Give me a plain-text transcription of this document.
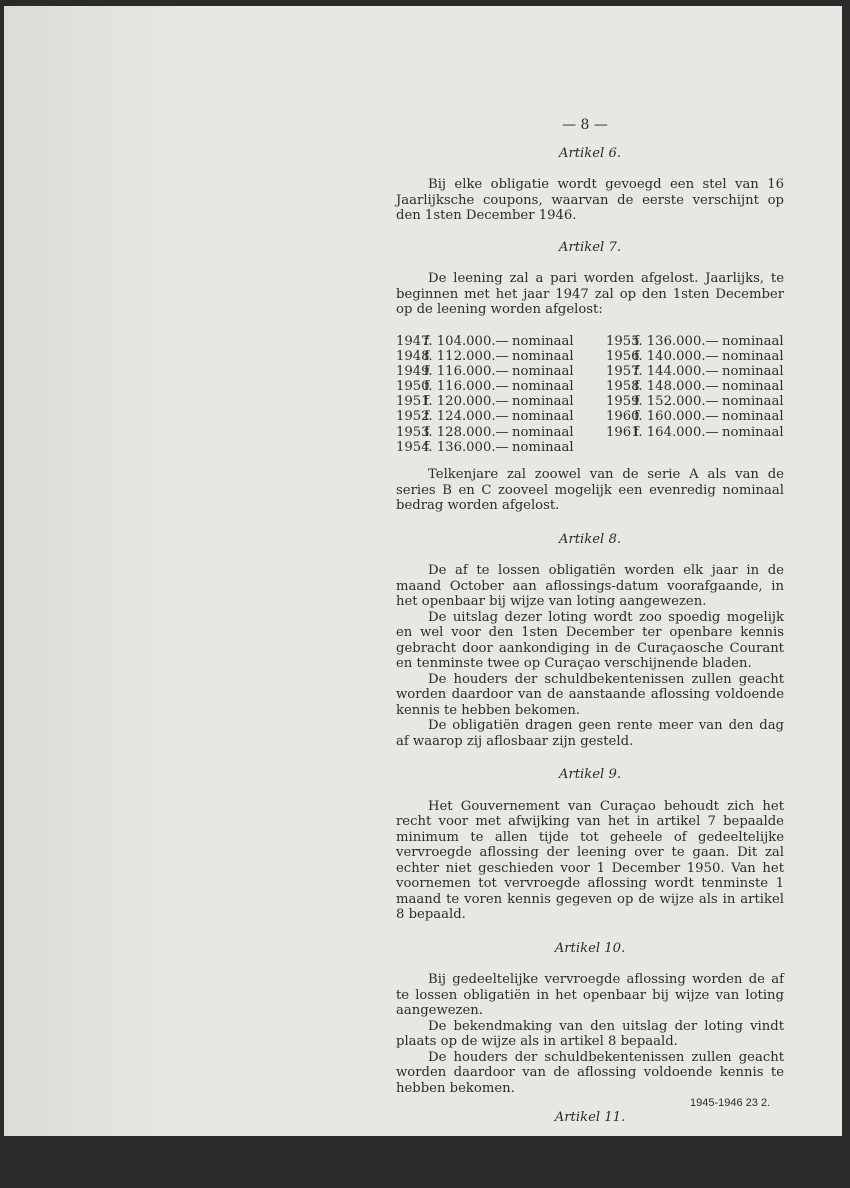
— 8 —
Artikel 6.

Bij elke obligatie wordt gevoegd een stel van 16 Jaarlijksche coupons, waarvan de eerste verschijnt op den 1sten December 1946.

Artikel 7.

De leening zal a pari worden afgelost. Jaarlijks, te beginnen met het jaar 1947 zal op den 1sten December op de leening worden afgelost:

1947
f. 104.000.— nominaal
1948
f. 112.000.— nominaal
1949
f. 116.000.— nominaal
1950
f. 116.000.— nominaal
1951
f. 120.000.— nominaal
1952
f. 124.000.— nominaal
1953
f. 128.000.— nominaal
1954
f. 136.000.— nominaal
1955
f. 136.000.— nominaal
1956
f. 140.000.— nominaal
1957
f. 144.000.— nominaal
1958
f. 148.000.— nominaal
1959
f. 152.000.— nominaal
1960
f. 160.000.— nominaal
1961
f. 164.000.— nominaal

Telkenjare zal zoowel van de serie A als van de series B en C zooveel mogelijk een evenredig nominaal bedrag worden afgelost.

Artikel 8.

De af te lossen obligatiën worden elk jaar in de maand October aan aflossings-datum voorafgaande, in het openbaar bij wijze van loting aangewezen.

De uitslag dezer loting wordt zoo spoedig mogelijk en wel voor den 1sten December ter openbare kennis gebracht door aankondiging in de Curaçaosche Courant en tenminste twee op Curaçao verschijnende bladen.

De houders der schuldbekentenissen zullen geacht worden daardoor van de aanstaande aflossing voldoende kennis te hebben bekomen.

De obligatiën dragen geen rente meer van den dag af waarop zij aflosbaar zijn gesteld.

Artikel 9.

Het Gouvernement van Curaçao behoudt zich het recht voor met afwijking van het in artikel 7 bepaalde minimum te allen tijde tot geheele of gedeeltelijke vervroegde aflossing der leening over te gaan. Dit zal echter niet geschieden voor 1 December 1950. Van het voornemen tot vervroegde aflossing wordt tenminste 1 maand te voren kennis gegeven op de wijze als in artikel 8 bepaald.

Artikel 10.

Bij gedeeltelijke vervroegde aflossing worden de af te lossen obligatiën in het openbaar bij wijze van loting aangewezen.

De bekendmaking van den uitslag der loting vindt plaats op de wijze als in artikel 8 bepaald.

De houders der schuldbekentenissen zullen geacht worden daardoor van de aflossing voldoende kennis te hebben bekomen.

Artikel 11.

Het bedrag, benoodigd voor rentebetaling en aflossing, wordt telkenjare op de Curaçaosche Begrooting in uitgaaf gebracht.

1945-1946 23 2.
